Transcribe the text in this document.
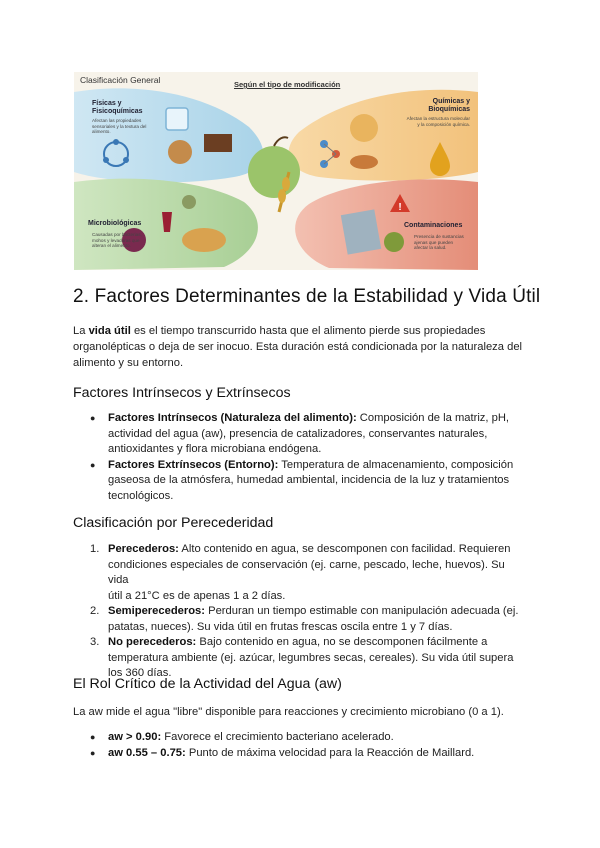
!
Clasificación General	Según el tipo de modificación
Físicas y Fisicoquímicas
Afectan las propiedades sensoriales y la textura del alimento.
Químicas y Bioquímicas
Afectan la estructura molecular y la composición química.
Microbiológicas
Causadas por bacterias, mohos y levaduras que alteran el alimento.
Contaminaciones
Presencia de sustancias ajenas que pueden afectar la salud.
2. Factores Determinantes de la Estabilidad y Vida Útil
La vida útil es el tiempo transcurrido hasta que el alimento pierde sus propiedades
organolépticas o deja de ser inocuo. Esta duración está condicionada por la naturaleza del
alimento y su entorno.
Factores Intrínsecos y Extrínsecos
● Factores Intrínsecos (Naturaleza del alimento): Composición de la matriz, pH,
actividad del agua (aw), presencia de catalizadores, conservantes naturales,
antioxidantes y flora microbiana endógena.
● Factores Extrínsecos (Entorno): Temperatura de almacenamiento, composición
gaseosa de la atmósfera, humedad ambiental, incidencia de la luz y tratamientos
tecnológicos.
Clasificación por Perecederidad
1. Perecederos: Alto contenido en agua, se descomponen con facilidad. Requieren
condiciones especiales de conservación (ej. carne, pescado, leche, huevos). Su vida
útil a 21°C es de apenas 1 a 2 días.
2. Semiperecederos: Perduran un tiempo estimable con manipulación adecuada (ej.
patatas, nueces). Su vida útil en frutas frescas oscila entre 1 y 7 días.
3. No perecederos: Bajo contenido en agua, no se descomponen fácilmente a
temperatura ambiente (ej. azúcar, legumbres secas, cereales). Su vida útil supera
los 360 días.
El Rol Crítico de la Actividad del Agua (aw)
La aw mide el agua "libre" disponible para reacciones y crecimiento microbiano (0 a 1).
● aw > 0.90: Favorece el crecimiento bacteriano acelerado.
● aw 0.55 – 0.75: Punto de máxima velocidad para la Reacción de Maillard.
